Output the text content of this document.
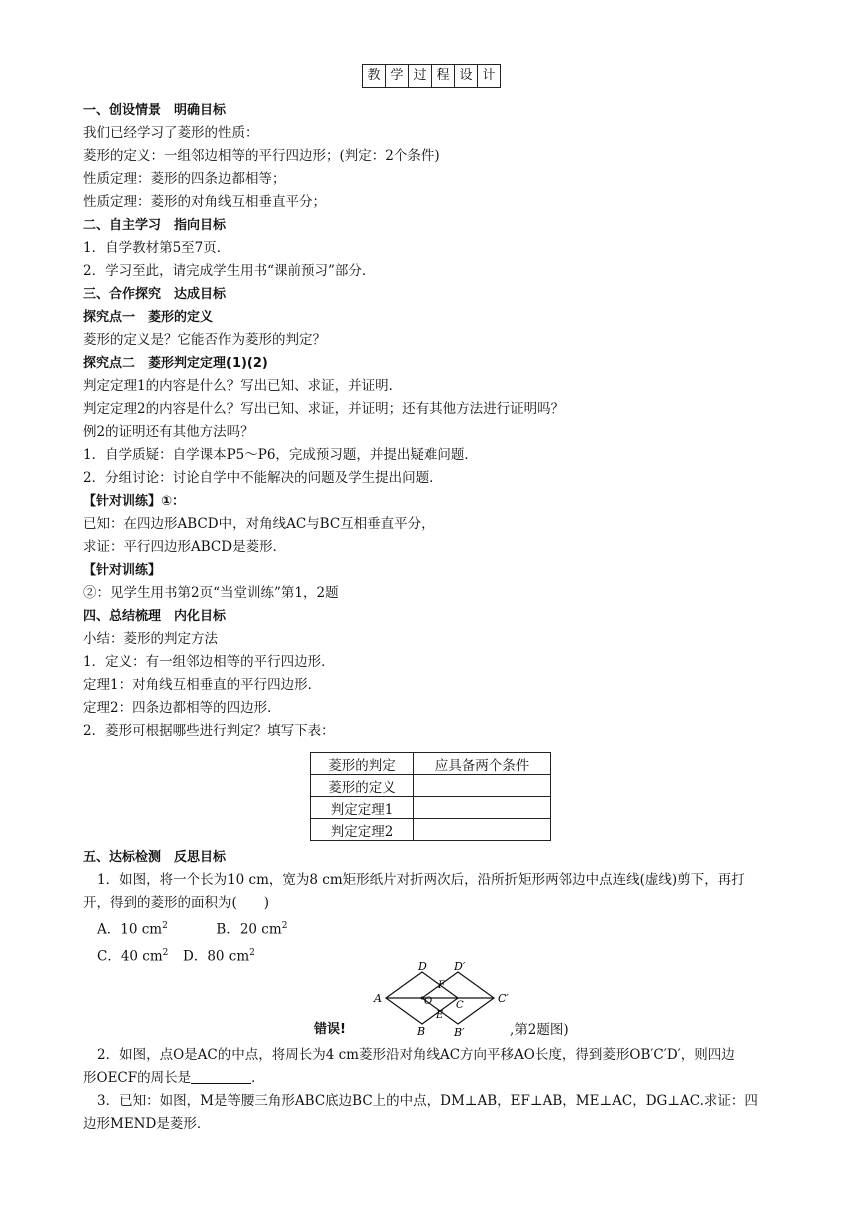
教 学 过 程 设 计
一、创设情景　明确目标
我们已经学习了菱形的性质：
菱形的定义：一组邻边相等的平行四边形；(判定：2个条件)
性质定理：菱形的四条边都相等；
性质定理：菱形的对角线互相垂直平分；
二、自主学习　指向目标
1．自学教材第5至7页．
2．学习至此，请完成学生用书“课前预习”部分．
三、合作探究　达成目标
探究点一　菱形的定义
菱形的定义是？它能否作为菱形的判定？
探究点二　菱形判定定理(1)(2)
判定定理1的内容是什么？写出已知、求证，并证明．
判定定理2的内容是什么？写出已知、求证，并证明；还有其他方法进行证明吗？
例2的证明还有其他方法吗？
1．自学质疑：自学课本P5～P6，完成预习题，并提出疑难问题．
2．分组讨论：讨论自学中不能解决的问题及学生提出问题．
【针对训练】①：
已知：在四边形ABCD中，对角线AC与BC互相垂直平分，
求证：平行四边形ABCD是菱形．
【针对训练】
②：见学生用书第2页“当堂训练”第1，2题
四、总结梳理　内化目标
小结：菱形的判定方法
1．定义：有一组邻边相等的平行四边形．
定理1：对角线互相垂直的平行四边形．
定理2：四条边都相等的四边形．
2．菱形可根据哪些进行判定？填写下表：
菱形的判定	应具备两个条件
菱形的定义	
判定定理1	
判定定理2	
五、达标检测　反思目标
1．如图，将一个长为10 cm，宽为8 cm矩形纸片对折两次后，沿所折矩形两邻边中点连线(虚线)剪下，再打
开，得到的菱形的面积为(　　)
A．10 $cm^2$	B．20 $cm^2$
C．40 $cm^2$ D．80 $cm^2$
A
D D′
C′
B	B′
F
E
O C
错误!	,第2题图)
2．如图，点O是AC的中点，将周长为4 cm菱形沿对角线AC方向平移AO长度，得到菱形OB′C′D′，则四边
形OECF的周长是	．
3．已知：如图，M是等腰三角形ABC底边BC上的中点，DM⊥AB，EF⊥AB，ME⊥AC，DG⊥AC.求证：四
边形MEND是菱形．
